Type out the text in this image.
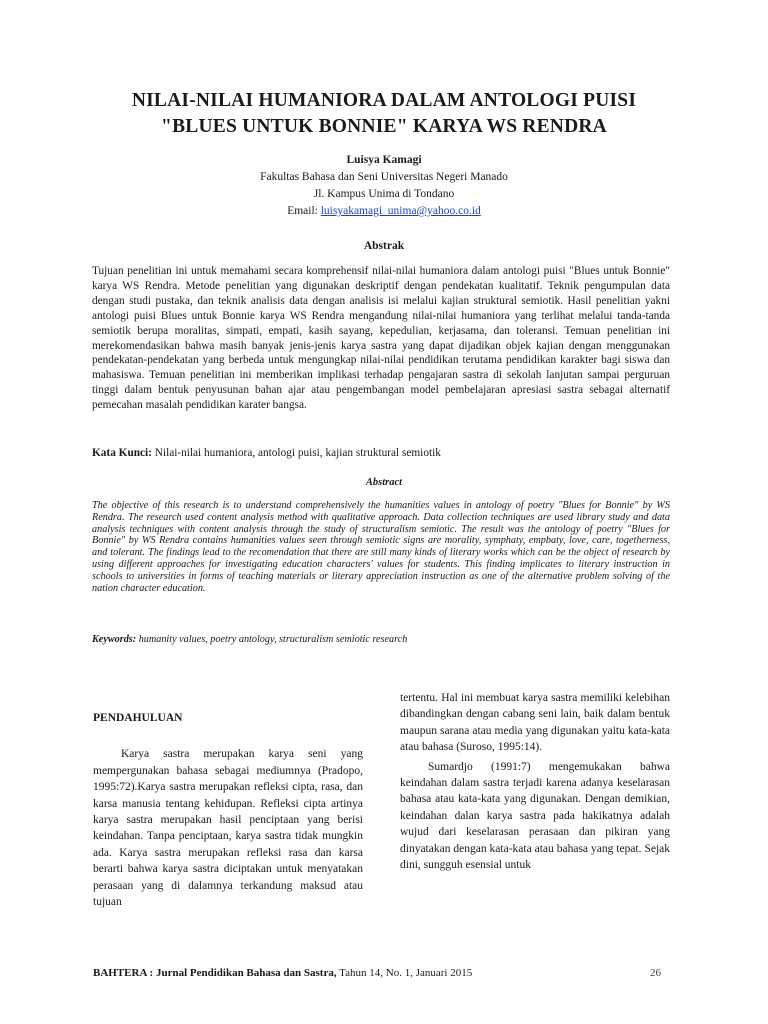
NILAI-NILAI HUMANIORA DALAM ANTOLOGI PUISI
"BLUES UNTUK BONNIE" KARYA WS RENDRA
Luisya Kamagi
Fakultas Bahasa dan Seni Universitas Negeri Manado
Jl. Kampus Unima di Tondano
Email: luisyakamagi_unima@yahoo.co.id
Abstrak
Tujuan penelitian ini untuk memahami secara komprehensif nilai-nilai humaniora dalam antologi puisi "Blues untuk Bonnie" karya WS Rendra. Metode penelitian yang digunakan deskriptif dengan pendekatan kualitatif. Teknik pengumpulan data dengan studi pustaka, dan teknik analisis data dengan analisis isi melalui kajian struktural semiotik. Hasil penelitian yakni antologi puisi Blues untuk Bonnie karya WS Rendra mengandung nilai-nilai humaniora yang terlihat melalui tanda-tanda semiotik berupa moralitas, simpati, empati, kasih sayang, kepedulian, kerjasama, dan toleransi. Temuan penelitian ini merekomendasikan bahwa masih banyak jenis-jenis karya sastra yang dapat dijadikan objek kajian dengan menggunakan pendekatan-pendekatan yang berbeda untuk mengungkap nilai-nilai pendidikan terutama pendidikan karakter bagi siswa dan mahasiswa. Temuan penelitian ini memberikan implikasi terhadap pengajaran sastra di sekolah lanjutan sampai perguruan tinggi dalam bentuk penyusunan bahan ajar atau pengembangan model pembelajaran apresiasi sastra sebagai alternatif pemecahan masalah pendidikan karater bangsa.
Kata Kunci: Nilai-nilai humaniora, antologi puisi, kajian struktural semiotik
Abstract
The objective of this research is to understand comprehensively the humanities values in antology of poetry "Blues for Bonnie" by WS Rendra. The research used content analysis method with qualitative approach. Data collection techniques are used library study and data analysis techniques with content analysis through the study of structuralism semiotic. The result was the antology of poetry "Blues for Bonnie" by WS Rendra contains humanities values seen through semiotic signs are morality, symphaty, empbaty, love, care, togetherness, and tolerant. The findings lead to the recomendation that there are still many kinds of literary works which can be the object of research by using different approaches for investigating education characters' values for students. This finding implicates to literary instruction in schools to universities in forms of teaching materials or literary appreciation instruction as one of the alternative problem solving of the nation character education.
Keywords: humanity values, poetry antology, structuralism semiotic research
PENDAHULUAN

Karya sastra merupakan karya seni yang mempergunakan bahasa sebagai mediumnya (Pradopo, 1995:72).Karya sastra merupakan refleksi cipta, rasa, dan karsa manusia tentang kehidupan. Refleksi cipta artinya karya sastra merupakan hasil penciptaan yang berisi keindahan. Tanpa penciptaan, karya sastra tidak mungkin ada. Karya sastra merupakan refleksi rasa dan karsa berarti bahwa karya sastra diciptakan untuk menyatakan perasaan yang di dalamnya terkandung maksud atau tujuan

tertentu. Hal ini membuat karya sastra memiliki kelebihan dibandingkan dengan cabang seni lain, baik dalam bentuk maupun sarana atau media yang digunakan yaitu kata-kata atau bahasa (Suroso, 1995:14).

Sumardjo (1991:7) mengemukakan bahwa keindahan dalam sastra terjadi karena adanya keselarasan bahasa atau kata-kata yang digunakan. Dengan demikian, keindahan dalan karya sastra pada hakikatnya adalah wujud dari keselarasan perasaan dan pikiran yang dinyatakan dengan kata-kata atau bahasa yang tepat. Sejak dini, sungguh esensial untuk

BAHTERA : Jurnal Pendidikan Bahasa dan Sastra, Tahun 14, No. 1, Januari 2015	26
